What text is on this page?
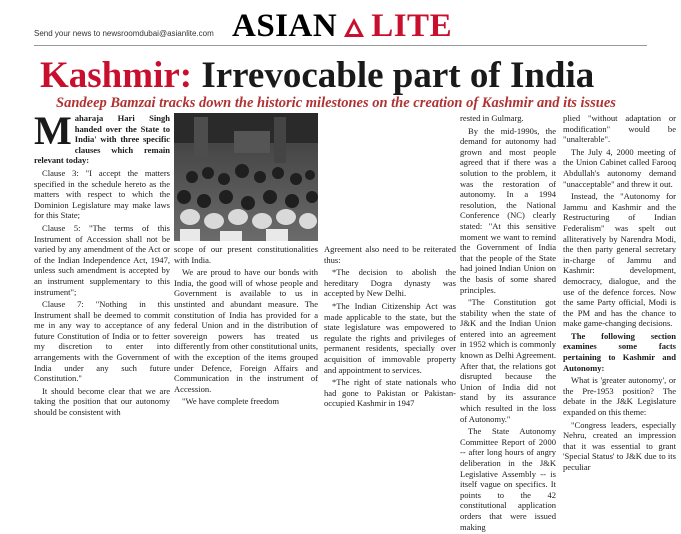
Send your news to newsroomdubai@asianlite.com ASIAN LITE
Kashmir: Irrevocable part of India
Sandeep Bamzai tracks down the historic milestones on the creation of Kashmir and its issues

Maharaja Hari Singh handed over the State to India' with three specific clauses which remain relevant today:

Clause 3: "I accept the matters specified in the schedule hereto as the matters with respect to which the Dominion Legislature may make laws for this State;

Clause 5: "The terms of this Instrument of Accession shall not be varied by any amendment of the Act or of the Indian Independence Act, 1947, unless such amendment is accepted by an instrument supplementary to this instrument";

Clause 7: "Nothing in this Instrument shall be deemed to commit me in any way to acceptance of any future Constitution of India or to fetter my discretion to enter into arrangements with the Government of India under any such future Constitution."

It should become clear that we are taking the position that our autonomy should be consistent with

scope of our present constitutionalities with India.

We are proud to have our bonds with India, the good will of whose people and Government is available to us in unstinted and abundant measure. The constitution of India has provided for a federal Union and in the distribution of sovereign powers has treated us differently from other constitutional units, with the exception of the items grouped under Defence, Foreign Affairs and Communication in the instrument of Accession.

"We have complete freedom

Agreement also need to be reiterated thus:

*The decision to abolish the hereditary Dogra dynasty was accepted by New Delhi.

*The Indian Citizenship Act was made applicable to the state, but the state legislature was empowered to regulate the rights and privileges of permanent residents, specially over acquisition of immovable property and appointment to services.

*The right of state nationals who had gone to Pakistan or Pakistan-occupied Kashmir in 1947

rested in Gulmarg.

By the mid-1990s, the demand for autonomy had grown and most people agreed that if there was a solution to the problem, it was the restoration of autonomy. In a 1994 resolution, the National Conference (NC) clearly stated: "At this sensitive moment we want to remind the Government of India that the people of the State had joined Indian Union on the basis of some shared principles.

"The Constitution got stability when the state of J&K and the Indian Union entered into an agreement in 1952 which is commonly known as Delhi Agreement. After that, the relations got disrupted because the Union of India did not stand by its assurance which resulted in the loss of Autonomy."

The State Autonomy Committee Report of 2000 -- after long hours of angry deliberation in the J&K Legislative Assembly -- is itself vague on specifics. It points to the 42 constitutional application orders that were issued making

plied "without adaptation or modification" would be "unalterable".

The July 4, 2000 meeting of the Union Cabinet called Farooq Abdullah's autonomy demand "unacceptable" and threw it out.

Instead, the "Autonomy for Jammu and Kashmir and the Restructuring of Indian Federalism" was spelt out alliteratively by Narendra Modi, the then party general secretary in-charge of Jammu and Kashmir: development, democracy, dialogue, and the use of the defence forces. Now the same Party official, Modi is the PM and has the chance to make game-changing decisions.

The following section examines some facts pertaining to Kashmir and Autonomy:

What is 'greater autonomy', or the Pre-1953 position? The debate in the J&K Legislature expanded on this theme:

"Congress leaders, especially Nehru, created an impression that it was essential to grant 'Special Status' to J&K due to its peculiar
